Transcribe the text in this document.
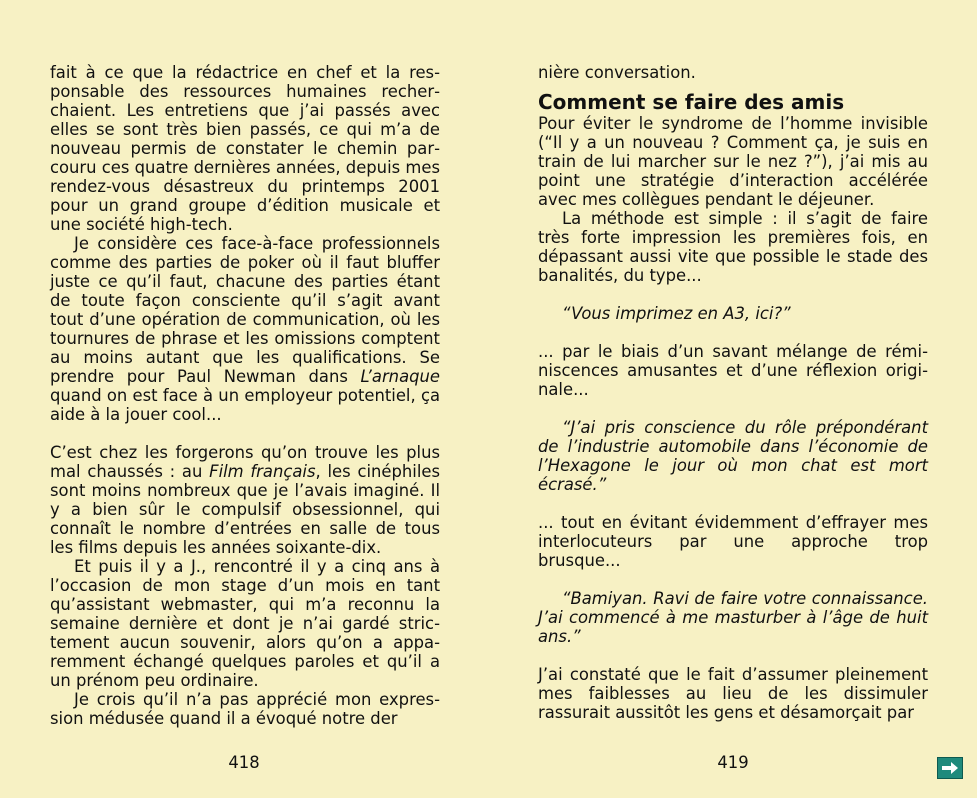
fait à ce que la rédactrice en chef et la responsable des ressources humaines recherchaient. Les entretiens que j’ai passés avec elles se sont très bien passés, ce qui m’a de nouveau permis de constater le chemin parcouru ces quatre dernières années, depuis mes rendez-vous désastreux du printemps 2001 pour un grand groupe d’édition musicale et une société high-tech.

Je considère ces face-à-face professionnels comme des parties de poker où il faut bluffer juste ce qu’il faut, chacune des parties étant de toute façon consciente qu’il s’agit avant tout d’une opération de communication, où les tournures de phrase et les omissions comptent au moins autant que les qualifications. Se prendre pour Paul Newman dans L’arnaque quand on est face à un employeur potentiel, ça aide à la jouer cool...

C’est chez les forgerons qu’on trouve les plus mal chaussés : au Film français, les cinéphiles sont moins nombreux que je l’avais imaginé. Il y a bien sûr le compulsif obsessionnel, qui connaît le nombre d’entrées en salle de tous les films depuis les années soixante-dix.

Et puis il y a J., rencontré il y a cinq ans à l’occasion de mon stage d’un mois en tant qu’assistant webmaster, qui m’a reconnu la semaine dernière et dont je n’ai gardé strictement aucun souvenir, alors qu’on a apparemment échangé quelques paroles et qu’il a un prénom peu ordinaire.

Je crois qu’il n’a pas apprécié mon expression médusée quand il a évoqué notre der

nière conversation.

Comment se faire des amis

Pour éviter le syndrome de l’homme invisible (“Il y a un nouveau ? Comment ça, je suis en train de lui marcher sur le nez ?”), j’ai mis au point une stratégie d’interaction accélérée avec mes collègues pendant le déjeuner.

La méthode est simple : il s’agit de faire très forte impression les premières fois, en dépassant aussi vite que possible le stade des banalités, du type...

“Vous imprimez en A3, ici?”

... par le biais d’un savant mélange de réminiscences amusantes et d’une réflexion originale...

“J’ai pris conscience du rôle prépondérant de l’industrie automobile dans l’économie de l’Hexagone le jour où mon chat est mort écrasé.”

... tout en évitant évidemment d’effrayer mes interlocuteurs par une approche trop brusque...

“Bamiyan. Ravi de faire votre connaissance. J’ai commencé à me masturber à l’âge de huit ans.”

J’ai constaté que le fait d’assumer pleinement mes faiblesses au lieu de les dissimuler rassurait aussitôt les gens et désamorçait par

418	419
